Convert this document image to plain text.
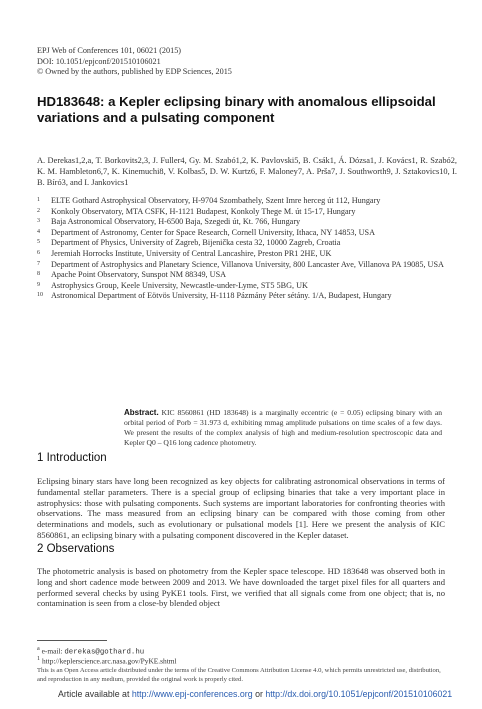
EPJ Web of Conferences 101, 06021 (2015)
DOI: 10.1051/epjconf/201510106021
© Owned by the authors, published by EDP Sciences, 2015
HD183648: a Kepler eclipsing binary with anomalous ellipsoidal variations and a pulsating component
A. Derekas1,2,a, T. Borkovits2,3, J. Fuller4, Gy. M. Szabó1,2, K. Pavlovski5, B. Csák1, Á. Dózsa1, J. Kovács1, R. Szabó2, K. M. Hambleton6,7, K. Kinemuchi8, V. Kolbas5, D. W. Kurtz6, F. Maloney7, A. Prša7, J. Southworth9, J. Sztakovics10, I. B. Bíró3, and I. Jankovics1
1 ELTE Gothard Astrophysical Observatory, H-9704 Szombathely, Szent Imre herceg út 112, Hungary
2 Konkoly Observatory, MTA CSFK, H-1121 Budapest, Konkoly Thege M. út 15-17, Hungary
3 Baja Astronomical Observatory, H-6500 Baja, Szegedi út, Kt. 766, Hungary
4 Department of Astronomy, Center for Space Research, Cornell University, Ithaca, NY 14853, USA
5 Department of Physics, University of Zagreb, Bijenička cesta 32, 10000 Zagreb, Croatia
6 Jeremiah Horrocks Institute, University of Central Lancashire, Preston PR1 2HE, UK
7 Department of Astrophysics and Planetary Science, Villanova University, 800 Lancaster Ave, Villanova PA 19085, USA
8 Apache Point Observatory, Sunspot NM 88349, USA
9 Astrophysics Group, Keele University, Newcastle-under-Lyme, ST5 5BG, UK
10 Astronomical Department of Eötvös University, H-1118 Pázmány Péter sétány. 1/A, Budapest, Hungary
Abstract. KIC 8560861 (HD 183648) is a marginally eccentric (e = 0.05) eclipsing binary with an orbital period of Porb = 31.973 d, exhibiting mmag amplitude pulsations on time scales of a few days. We present the results of the complex analysis of high and medium-resolution spectroscopic data and Kepler Q0 – Q16 long cadence photometry.
1 Introduction
Eclipsing binary stars have long been recognized as key objects for calibrating astronomical observations in terms of fundamental stellar parameters. There is a special group of eclipsing binaries that take a very important place in astrophysics: those with pulsating components. Such systems are important laboratories for confronting theories with observations. The mass measured from an eclipsing binary can be compared with those coming from other determinations and models, such as evolutionary or pulsational models [1]. Here we present the analysis of KIC 8560861, an eclipsing binary with a pulsating component discovered in the Kepler dataset.
2 Observations
The photometric analysis is based on photometry from the Kepler space telescope. HD 183648 was observed both in long and short cadence mode between 2009 and 2013. We have downloaded the target pixel files for all quarters and performed several checks by using PyKE1 tools. First, we verified that all signals come from one object; that is, no contamination is seen from a close-by blended object
$^a$ e-mail: derekas@gothard.hu
$^1$ http://keplerscience.arc.nasa.gov/PyKE.shtml
This is an Open Access article distributed under the terms of the Creative Commons Attribution License 4.0, which permits unrestricted use, distribution, and reproduction in any medium, provided the original work is properly cited.
Article available at http://www.epj-conferences.org or http://dx.doi.org/10.1051/epjconf/201510106021
